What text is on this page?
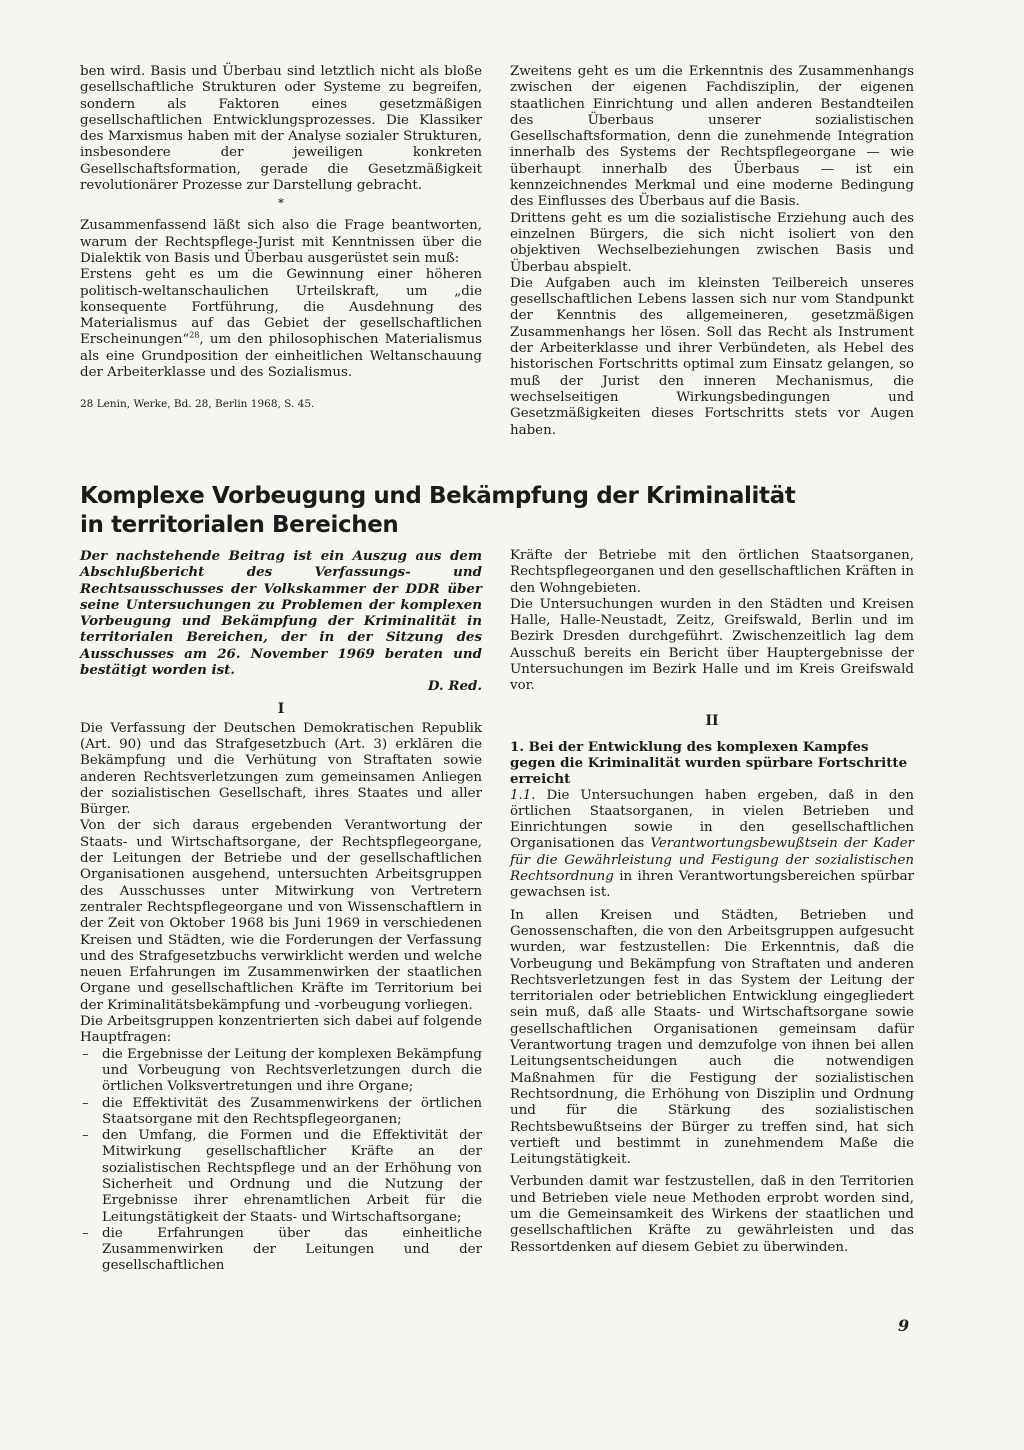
ben wird. Basis und Überbau sind letztlich nicht als bloße gesellschaftliche Strukturen oder Systeme zu begreifen, sondern als Faktoren eines gesetzmäßigen gesellschaftlichen Entwicklungsprozesses. Die Klassiker des Marxismus haben mit der Analyse sozialer Strukturen, insbesondere der jeweiligen konkreten Gesellschaftsformation, gerade die Gesetzmäßigkeit revolutionärer Prozesse zur Darstellung gebracht.

*

Zusammenfassend läßt sich also die Frage beantworten, warum der Rechtspflege-Jurist mit Kenntnissen über die Dialektik von Basis und Überbau ausgerüstet sein muß:

Erstens geht es um die Gewinnung einer höheren politisch-weltanschaulichen Urteilskraft, um „die konsequente Fortführung, die Ausdehnung des Materialismus auf das Gebiet der gesellschaftlichen Erscheinungen“$^{28}$, um den philosophischen Materialismus als eine Grundposition der einheitlichen Weltanschauung der Arbeiterklasse und des Sozialismus.

28 Lenin, Werke, Bd. 28, Berlin 1968, S. 45.

Zweitens geht es um die Erkenntnis des Zusammenhangs zwischen der eigenen Fachdisziplin, der eigenen staatlichen Einrichtung und allen anderen Bestandteilen des Überbaus unserer sozialistischen Gesellschaftsformation, denn die zunehmende Integration innerhalb des Systems der Rechtspflegeorgane — wie überhaupt innerhalb des Überbaus — ist ein kennzeichnendes Merkmal und eine moderne Bedingung des Einflusses des Überbaus auf die Basis.

Drittens geht es um die sozialistische Erziehung auch des einzelnen Bürgers, die sich nicht isoliert von den objektiven Wechselbeziehungen zwischen Basis und Überbau abspielt.

Die Aufgaben auch im kleinsten Teilbereich unseres gesellschaftlichen Lebens lassen sich nur vom Standpunkt der Kenntnis des allgemeineren, gesetzmäßigen Zusammenhangs her lösen. Soll das Recht als Instrument der Arbeiterklasse und ihrer Verbündeten, als Hebel des historischen Fortschritts optimal zum Einsatz gelangen, so muß der Jurist den inneren Mechanismus, die wechselseitigen Wirkungsbedingungen und Gesetzmäßigkeiten dieses Fortschritts stets vor Augen haben.

Komplexe Vorbeugung und Bekämpfung der Kriminalität
in territorialen Bereichen

Der nachstehende Beitrag ist ein Auszug aus dem Abschlußbericht des Verfassungs- und Rechtsausschusses der Volkskammer der DDR über seine Untersuchungen zu Problemen der komplexen Vorbeugung und Bekämpfung der Kriminalität in territorialen Bereichen, der in der Sitzung des Ausschusses am 26. November 1969 beraten und bestätigt worden ist.

D. Red.

I

Die Verfassung der Deutschen Demokratischen Republik (Art. 90) und das Strafgesetzbuch (Art. 3) erklären die Bekämpfung und die Verhütung von Straftaten sowie anderen Rechtsverletzungen zum gemeinsamen Anliegen der sozialistischen Gesellschaft, ihres Staates und aller Bürger.

Von der sich daraus ergebenden Verantwortung der Staats- und Wirtschaftsorgane, der Rechtspflegeorgane, der Leitungen der Betriebe und der gesellschaftlichen Organisationen ausgehend, untersuchten Arbeitsgruppen des Ausschusses unter Mitwirkung von Vertretern zentraler Rechtspflegeorgane und von Wissenschaftlern in der Zeit von Oktober 1968 bis Juni 1969 in verschiedenen Kreisen und Städten, wie die Forderungen der Verfassung und des Strafgesetzbuchs verwirklicht werden und welche neuen Erfahrungen im Zusammenwirken der staatlichen Organe und gesellschaftlichen Kräfte im Territorium bei der Kriminalitätsbekämpfung und -vorbeugung vorliegen.

Die Arbeitsgruppen konzentrierten sich dabei auf folgende Hauptfragen:

– die Ergebnisse der Leitung der komplexen Bekämpfung und Vorbeugung von Rechtsverletzungen durch die örtlichen Volksvertretungen und ihre Organe;
– die Effektivität des Zusammenwirkens der örtlichen Staatsorgane mit den Rechtspflegeorganen;
– den Umfang, die Formen und die Effektivität der Mitwirkung gesellschaftlicher Kräfte an der sozialistischen Rechtspflege und an der Erhöhung von Sicherheit und Ordnung und die Nutzung der Ergebnisse ihrer ehrenamtlichen Arbeit für die Leitungstätigkeit der Staats- und Wirtschaftsorgane;
– die Erfahrungen über das einheitliche Zusammenwirken der Leitungen und der gesellschaftlichen

Kräfte der Betriebe mit den örtlichen Staatsorganen, Rechtspflegeorganen und den gesellschaftlichen Kräften in den Wohngebieten.

Die Untersuchungen wurden in den Städten und Kreisen Halle, Halle-Neustadt, Zeitz, Greifswald, Berlin und im Bezirk Dresden durchgeführt. Zwischenzeitlich lag dem Ausschuß bereits ein Bericht über Hauptergebnisse der Untersuchungen im Bezirk Halle und im Kreis Greifswald vor.

II

1. Bei der Entwicklung des komplexen Kampfes gegen die Kriminalität wurden spürbare Fortschritte erreicht

1.1. Die Untersuchungen haben ergeben, daß in den örtlichen Staatsorganen, in vielen Betrieben und Einrichtungen sowie in den gesellschaftlichen Organisationen das Verantwortungsbewußtsein der Kader für die Gewährleistung und Festigung der sozialistischen Rechtsordnung in ihren Verantwortungsbereichen spürbar gewachsen ist.

In allen Kreisen und Städten, Betrieben und Genossenschaften, die von den Arbeitsgruppen aufgesucht wurden, war festzustellen: Die Erkenntnis, daß die Vorbeugung und Bekämpfung von Straftaten und anderen Rechtsverletzungen fest in das System der Leitung der territorialen oder betrieblichen Entwicklung eingegliedert sein muß, daß alle Staats- und Wirtschaftsorgane sowie gesellschaftlichen Organisationen gemeinsam dafür Verantwortung tragen und demzufolge von ihnen bei allen Leitungsentscheidungen auch die notwendigen Maßnahmen für die Festigung der sozialistischen Rechtsordnung, die Erhöhung von Disziplin und Ordnung und für die Stärkung des sozialistischen Rechtsbewußtseins der Bürger zu treffen sind, hat sich vertieft und bestimmt in zunehmendem Maße die Leitungstätigkeit.

Verbunden damit war festzustellen, daß in den Territorien und Betrieben viele neue Methoden erprobt worden sind, um die Gemeinsamkeit des Wirkens der staatlichen und gesellschaftlichen Kräfte zu gewährleisten und das Ressortdenken auf diesem Gebiet zu überwinden.

9
